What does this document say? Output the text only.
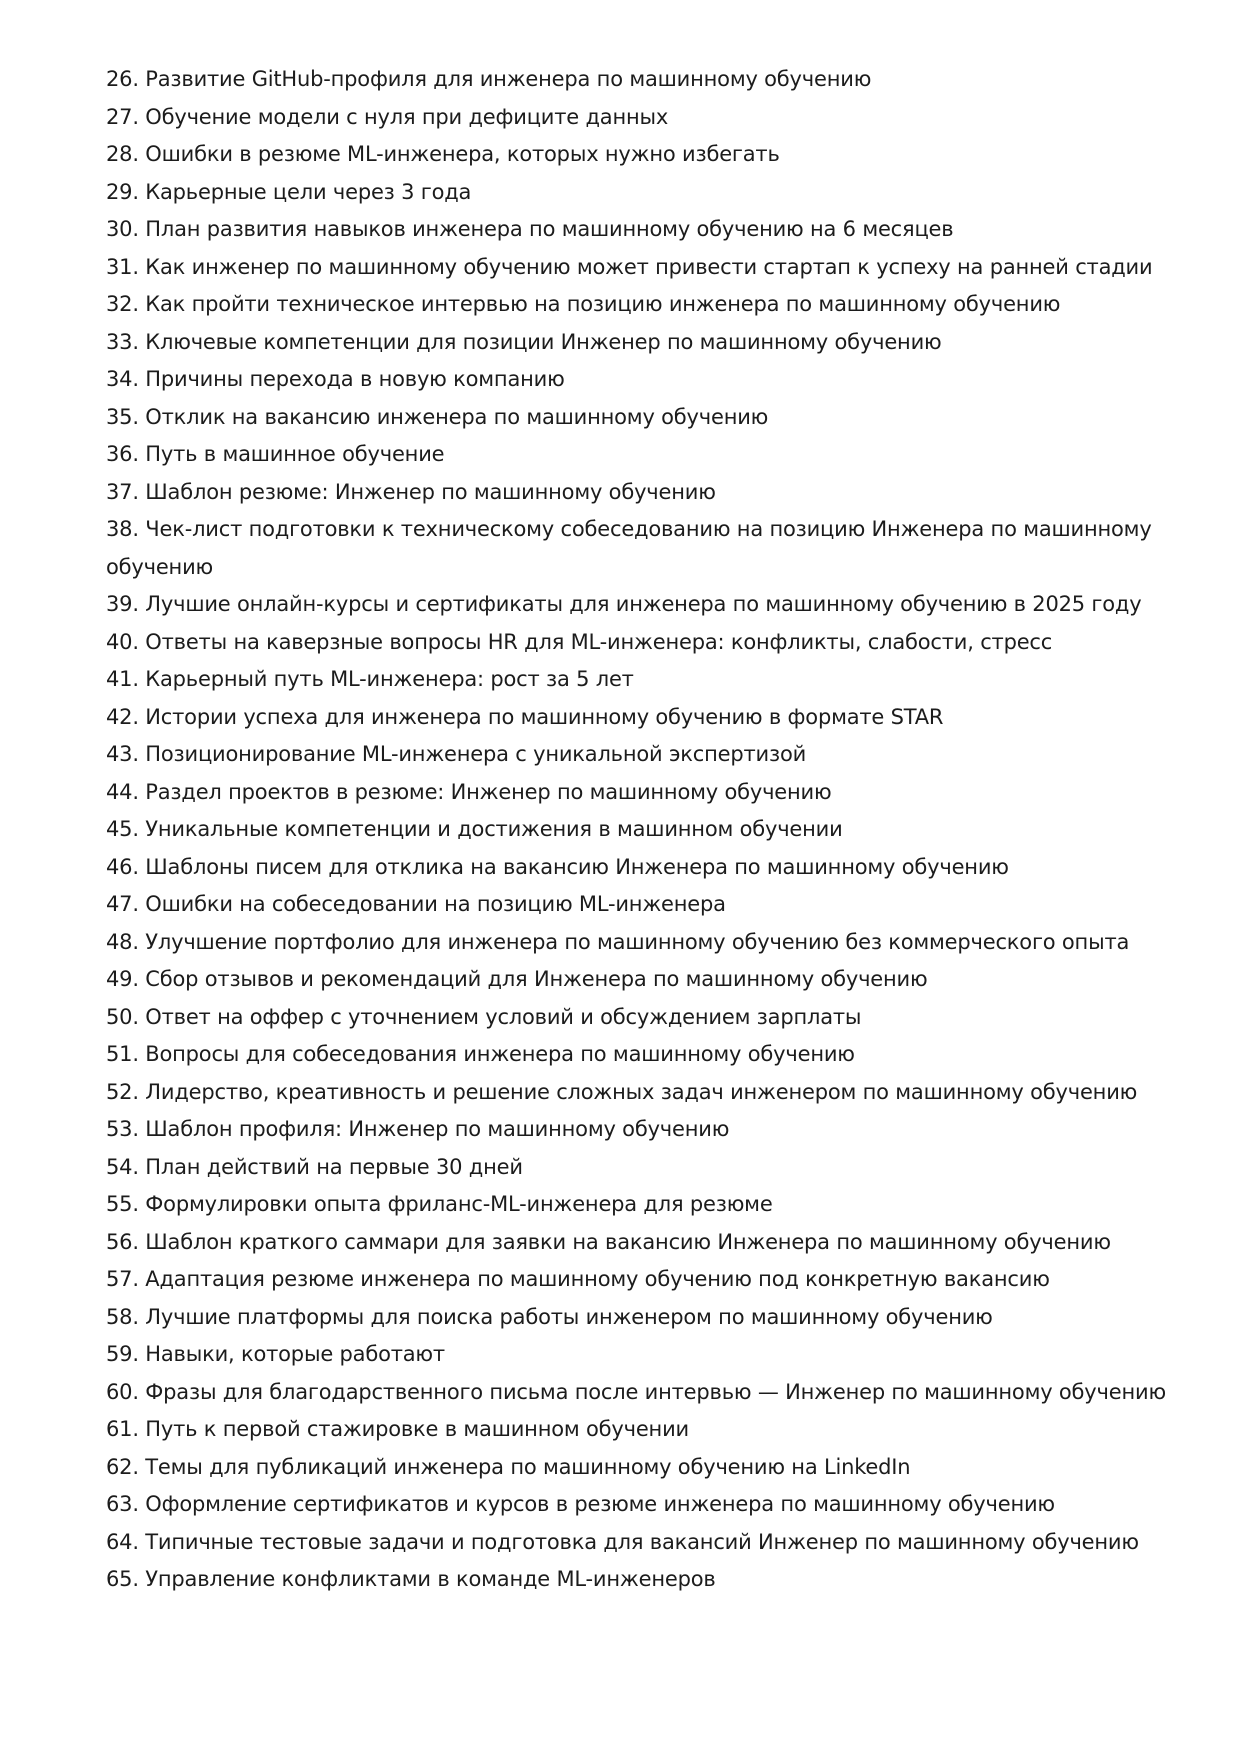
26. Развитие GitHub-профиля для инженера по машинному обучению
27. Обучение модели с нуля при дефиците данных
28. Ошибки в резюме ML-инженера, которых нужно избегать
29. Карьерные цели через 3 года
30. План развития навыков инженера по машинному обучению на 6 месяцев
31. Как инженер по машинному обучению может привести стартап к успеху на ранней стадии
32. Как пройти техническое интервью на позицию инженера по машинному обучению
33. Ключевые компетенции для позиции Инженер по машинному обучению
34. Причины перехода в новую компанию
35. Отклик на вакансию инженера по машинному обучению
36. Путь в машинное обучение
37. Шаблон резюме: Инженер по машинному обучению
38. Чек-лист подготовки к техническому собеседованию на позицию Инженера по машинному обучению
39. Лучшие онлайн-курсы и сертификаты для инженера по машинному обучению в 2025 году
40. Ответы на каверзные вопросы HR для ML-инженера: конфликты, слабости, стресс
41. Карьерный путь ML-инженера: рост за 5 лет
42. Истории успеха для инженера по машинному обучению в формате STAR
43. Позиционирование ML-инженера с уникальной экспертизой
44. Раздел проектов в резюме: Инженер по машинному обучению
45. Уникальные компетенции и достижения в машинном обучении
46. Шаблоны писем для отклика на вакансию Инженера по машинному обучению
47. Ошибки на собеседовании на позицию ML-инженера
48. Улучшение портфолио для инженера по машинному обучению без коммерческого опыта
49. Сбор отзывов и рекомендаций для Инженера по машинному обучению
50. Ответ на оффер с уточнением условий и обсуждением зарплаты
51. Вопросы для собеседования инженера по машинному обучению
52. Лидерство, креативность и решение сложных задач инженером по машинному обучению
53. Шаблон профиля: Инженер по машинному обучению
54. План действий на первые 30 дней
55. Формулировки опыта фриланс-ML-инженера для резюме
56. Шаблон краткого саммари для заявки на вакансию Инженера по машинному обучению
57. Адаптация резюме инженера по машинному обучению под конкретную вакансию
58. Лучшие платформы для поиска работы инженером по машинному обучению
59. Навыки, которые работают
60. Фразы для благодарственного письма после интервью — Инженер по машинному обучению
61. Путь к первой стажировке в машинном обучении
62. Темы для публикаций инженера по машинному обучению на LinkedIn
63. Оформление сертификатов и курсов в резюме инженера по машинному обучению
64. Типичные тестовые задачи и подготовка для вакансий Инженер по машинному обучению
65. Управление конфликтами в команде ML-инженеров
